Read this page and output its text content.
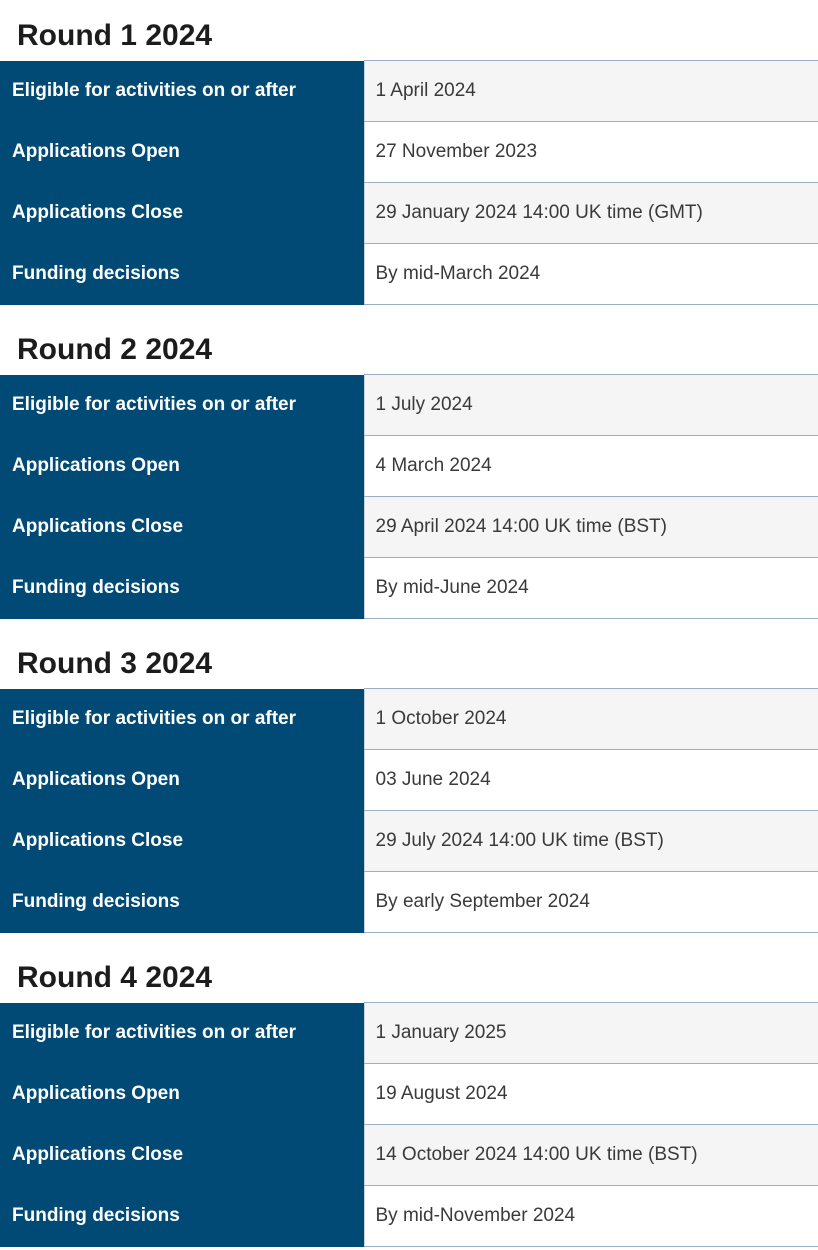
Round 1 2024
Eligible for activities on or after	1 April 2024
Applications Open	27 November 2023
Applications Close	29 January 2024 14:00 UK time (GMT)
Funding decisions	By mid-March 2024
Round 2 2024
Eligible for activities on or after	1 July 2024
Applications Open	4 March 2024
Applications Close	29 April 2024 14:00 UK time (BST)
Funding decisions	By mid-June 2024
Round 3 2024
Eligible for activities on or after	1 October 2024
Applications Open	03 June 2024
Applications Close	29 July 2024 14:00 UK time (BST)
Funding decisions	By early September 2024
Round 4 2024
Eligible for activities on or after	1 January 2025
Applications Open	19 August 2024
Applications Close	14 October 2024 14:00 UK time (BST)
Funding decisions	By mid-November 2024
